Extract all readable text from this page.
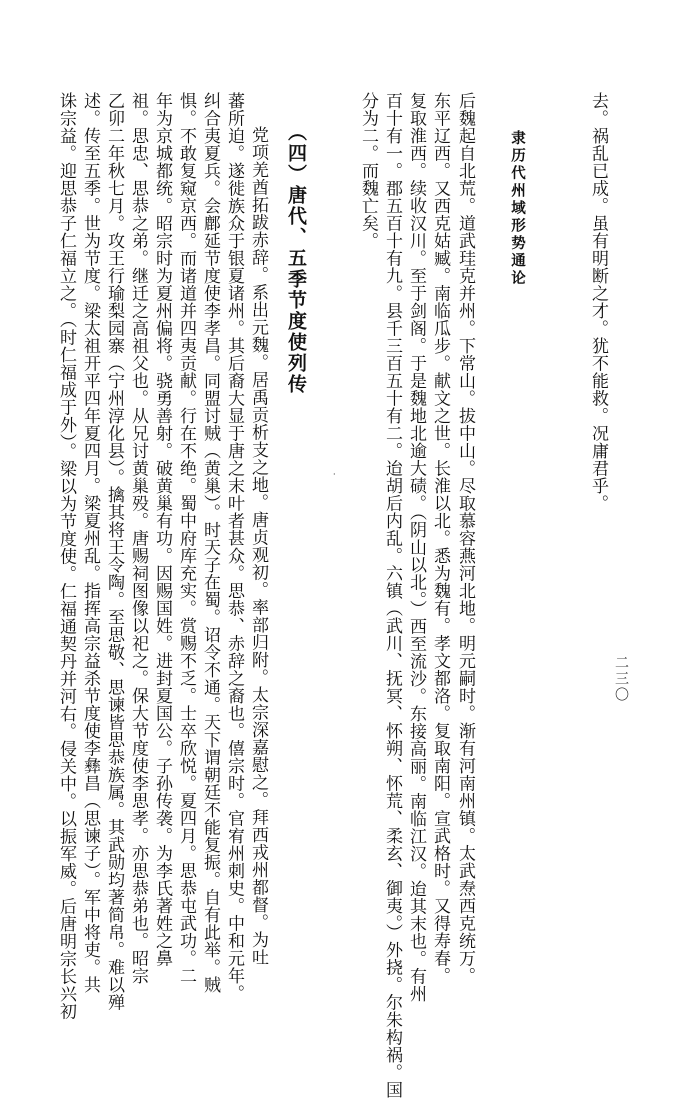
二三〇
去。祸乱已成。虽有明断之才。犹不能救。况庸君乎。
隶历代州域形势通论
后魏起自北荒。道武珪克并州。下常山。拔中山。尽取慕容燕河北地。明元嗣时。渐有河南州镇。太武焘西克统万。
东平辽西。又西克姑臧。南临瓜步。献文之世。长淮以北。悉为魏有。孝文都洛。复取南阳。宣武格时。又得寿春。
复取淮西。续收汉川。至于剑阁。于是魏地北逾大碛。（阴山以北。）西至流沙。东接高丽。南临江汉。迨其末也。有州
百十有一。郡五百十有九。县千三百五十有二。迨胡后内乱。六镇（武川、抚冥、怀朔、怀荒、柔玄、御夷。）外挠。尔朱构祸。国
分为二。而魏亡矣。
·
（四）唐代、五季节度使列传
党项羌酋拓跋赤辞。系出元魏。居禹贡析支之地。唐贞观初。率部归附。太宗深嘉慰之。拜西戎州都督。为吐
蕃所迫。遂徙族众于银夏诸州。其后裔大显于唐之末叶者甚众。思恭、赤辞之裔也。僖宗时。官宥州刺史。中和元年。
纠合夷夏兵。会鄜延节度使李孝昌。同盟讨贼（黄巢）。时天子在蜀。诏令不通。天下谓朝廷不能复振。自有此举。贼
惧。不敢复窥京西。而诸道并四夷贡献。行在不绝。蜀中府库充实。赏赐不乏。士卒欣悦。夏四月。思恭屯武功。二
年为京城都统。昭宗时为夏州偏将。骁勇善射。破黄巢有功。因赐国姓。进封夏国公。子孙传袭。为李氏著姓之鼻
祖。思忠、思恭之弟。继迁之高祖父也。从兄讨黄巢殁。唐赐祠图像以祀之。保大节度使李思孝。亦思恭弟也。昭宗
乙卯二年秋七月。攻王行瑜梨园寨（宁州淳化县）。擒其将王令陶。至思敬、思谏皆思恭族属。其武勋均著简帛。难以殚
述。传至五季。世为节度。梁太祖开平四年夏四月。梁夏州乱。指挥高宗益杀节度使李彝昌（思谏子）。军中将吏。共
诛宗益。迎思恭子仁福立之。（时仁福成于外）。梁以为节度使。仁福通契丹并河右。侵关中。以振军威。后唐明宗长兴初
